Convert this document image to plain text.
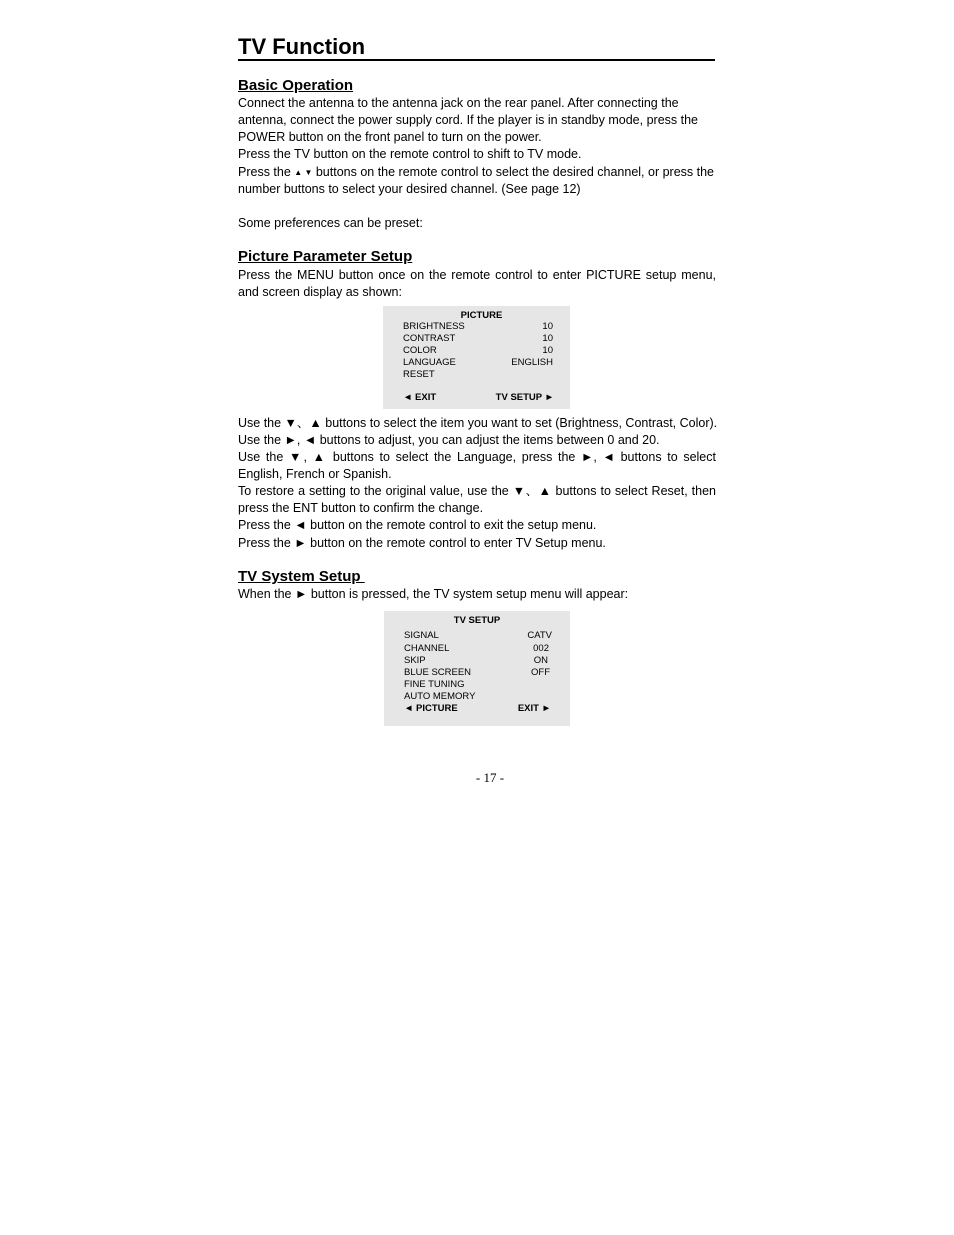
TV Function
Basic Operation

Connect the antenna to the antenna jack on the rear panel. After connecting the antenna, connect the power supply cord. If the player is in standby mode, press the POWER button on the front panel to turn on the power.

Press the TV button on the remote control to shift to TV mode.

Press the ▲ ▼ buttons on the remote control to select the desired channel, or press the number buttons to select your desired channel. (See page 12)

Some preferences can be preset:

Picture Parameter Setup
Press the MENU button once on the remote control to enter PICTURE setup menu, and screen display as shown:
PICTURE
BRIGHTNESS	10
CONTRAST	10
COLOR	10
LANGUAGE	ENGLISH
RESET
◄ EXIT	TV SETUP ►

Use the ▼、▲ buttons to select the item you want to set (Brightness, Contrast, Color).

Use the ►, ◄ buttons to adjust, you can adjust the items between 0 and 20.

Use the ▼, ▲ buttons to select the Language, press the ►, ◄ buttons to select English, French or Spanish.

To restore a setting to the original value, use the ▼、▲ buttons to select Reset, then press the ENT button to confirm the change.

Press the ◄ button on the remote control to exit the setup menu.

Press the ► button on the remote control to enter TV Setup menu.

TV System Setup
When the ► button is pressed, the TV system setup menu will appear:
TV SETUP
SIGNAL	CATV
CHANNEL	002
SKIP	ON
BLUE SCREEN	OFF
FINE TUNING
AUTO MEMORY
◄ PICTURE	EXIT ►
- 17 -
